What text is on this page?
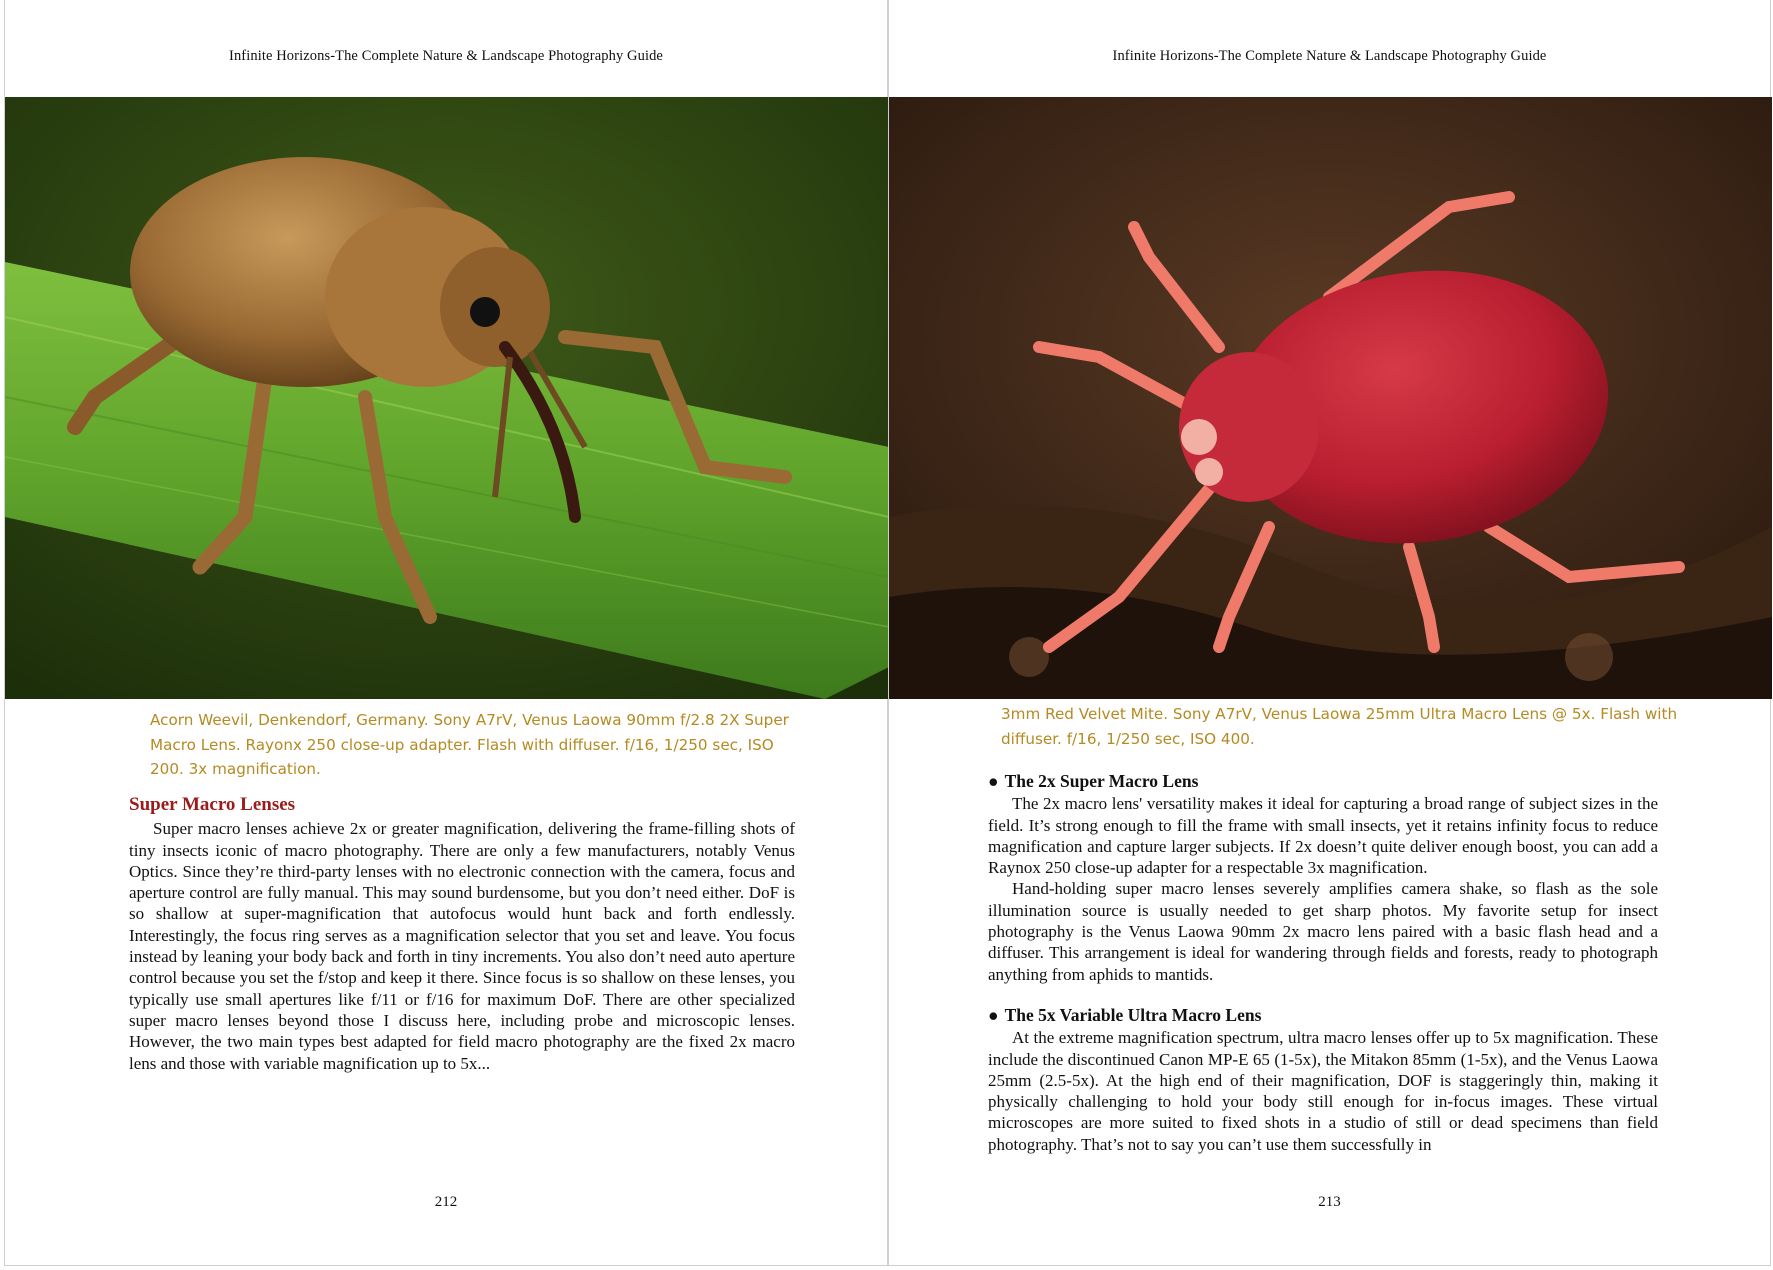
Infinite Horizons-The Complete Nature & Landscape Photography Guide
Acorn Weevil, Denkendorf, Germany. Sony A7rV, Venus Laowa 90mm f/2.8 2X Super Macro Lens. Rayonx 250 close-up adapter. Flash with diffuser. f/16, 1/250 sec, ISO 200. 3x magnification.
Super Macro Lenses

Super macro lenses achieve 2x or greater magnification, delivering the frame-filling shots of tiny insects iconic of macro photography. There are only a few manufacturers, notably Venus Optics. Since they’re third-party lenses with no electronic connection with the camera, focus and aperture control are fully manual. This may sound burdensome, but you don’t need either. DoF is so shallow at super-magnification that autofocus would hunt back and forth endlessly. Interestingly, the focus ring serves as a magnification selector that you set and leave. You focus instead by leaning your body back and forth in tiny increments. You also don’t need auto aperture control because you set the f/stop and keep it there. Since focus is so shallow on these lenses, you typically use small apertures like f/11 or f/16 for maximum DoF. There are other specialized super macro lenses beyond those I discuss here, including probe and microscopic lenses. However, the two main types best adapted for field macro photography are the fixed 2x macro lens and those with variable magnification up to 5x...

212
Infinite Horizons-The Complete Nature & Landscape Photography Guide
3mm Red Velvet Mite. Sony A7rV, Venus Laowa 25mm Ultra Macro Lens @ 5x. Flash with diffuser. f/16, 1/250 sec, ISO 400.
● The 2x Super Macro Lens

The 2x macro lens' versatility makes it ideal for capturing a broad range of subject sizes in the field. It’s strong enough to fill the frame with small insects, yet it retains infinity focus to reduce magnification and capture larger subjects. If 2x doesn’t quite deliver enough boost, you can add a Raynox 250 close-up adapter for a respectable 3x magnification.

Hand-holding super macro lenses severely amplifies camera shake, so flash as the sole illumination source is usually needed to get sharp photos. My favorite setup for insect photography is the Venus Laowa 90mm 2x macro lens paired with a basic flash head and a diffuser. This arrangement is ideal for wandering through fields and forests, ready to photograph anything from aphids to mantids.

● The 5x Variable Ultra Macro Lens

At the extreme magnification spectrum, ultra macro lenses offer up to 5x magnification. These include the discontinued Canon MP-E 65 (1-5x), the Mitakon 85mm (1-5x), and the Venus Laowa 25mm (2.5-5x). At the high end of their magnification, DOF is staggeringly thin, making it physically challenging to hold your body still enough for in-focus images. These virtual microscopes are more suited to fixed shots in a studio of still or dead specimens than field photography. That’s not to say you can’t use them successfully in

213
